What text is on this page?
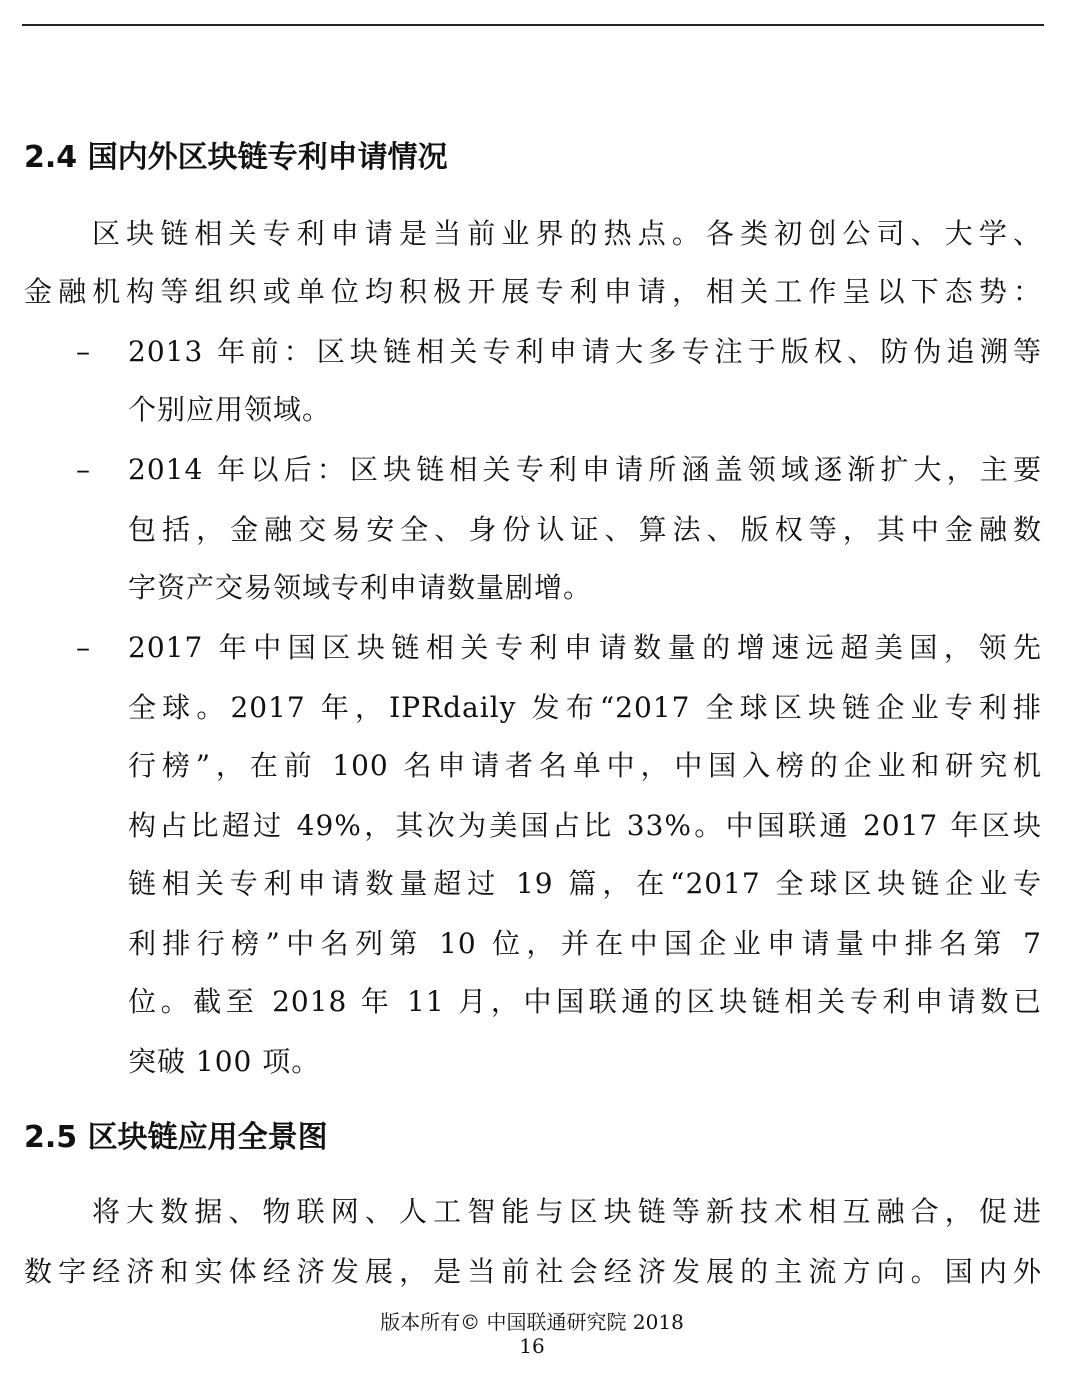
2.4 国内外区块链专利申请情况
区块链相关专利申请是当前业界的热点。各类初创公司、大学、
金融机构等组织或单位均积极开展专利申请，相关工作呈以下态势：
– 2013 年前：区块链相关专利申请大多专注于版权、防伪追溯等
个别应用领域。
– 2014 年以后：区块链相关专利申请所涵盖领域逐渐扩大，主要
包括，金融交易安全、身份认证、算法、版权等，其中金融数
字资产交易领域专利申请数量剧增。
– 2017 年中国区块链相关专利申请数量的增速远超美国，领先
全球。2017 年，IPRdaily 发布“2017 全球区块链企业专利排
行榜”，在前 100 名申请者名单中，中国入榜的企业和研究机
构占比超过 49%，其次为美国占比 33%。中国联通 2017 年区块
链相关专利申请数量超过 19 篇，在“2017 全球区块链企业专
利排行榜”中名列第 10 位，并在中国企业申请量中排名第 7
位。截至 2018 年 11 月，中国联通的区块链相关专利申请数已
突破 100 项。
2.5 区块链应用全景图
将大数据、物联网、人工智能与区块链等新技术相互融合，促进
数字经济和实体经济发展，是当前社会经济发展的主流方向。国内外
版本所有© 中国联通研究院 2018
16
